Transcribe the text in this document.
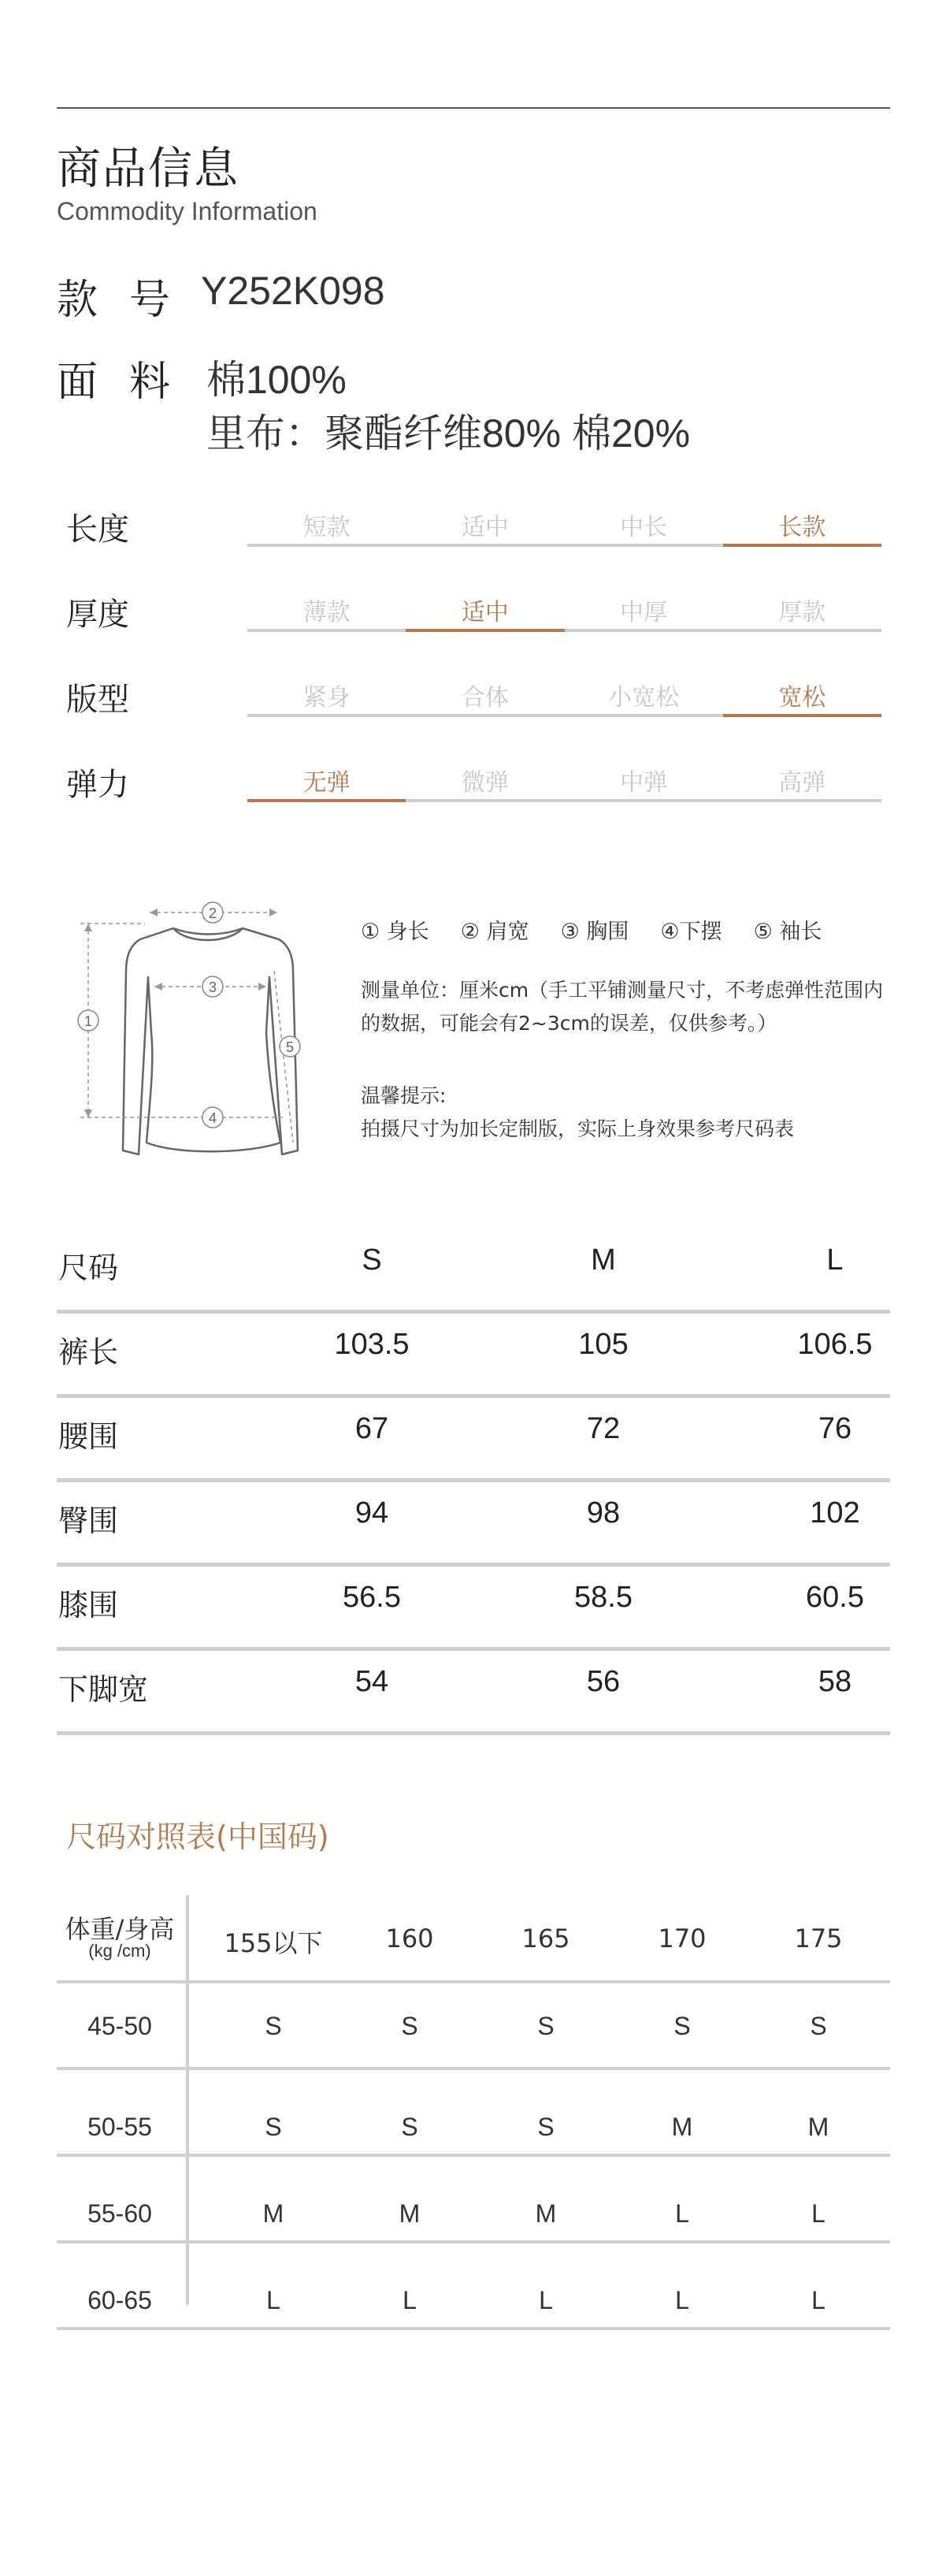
商品信息
Commodity Information
款号
Y252K098
面料 棉100%
里布：聚酯纤维80% 棉20%
长度	短款	适中	中长	长款
厚度	薄款	适中	中厚	厚款
版型	紧身	合体	小宽松	宽松
弹力	无弹	微弹	中弹	高弹
1
2
3
4
5
① 身长 ② 肩宽 ③ 胸围 ④下摆 ⑤ 袖长
测量单位：厘米cm（手工平铺测量尺寸，不考虑弹性范围内的数据，可能会有2~3cm的误差，仅供参考。）
温馨提示:
拍摄尺寸为加长定制版，实际上身效果参考尺码表
尺码	S	M	L
裤长	103.5	105	106.5
腰围	67	72	76
臀围	94	98	102
膝围	56.5	58.5	60.5
下脚宽	54	56	58
尺码对照表(中国码)
体重/身高
(kg /cm)	155以下	160	165	170	175
45-50	S	S	S	S	S
50-55	S	S	S	M	M
55-60	M	M	M	L	L
60-65	L	L	L	L	L
